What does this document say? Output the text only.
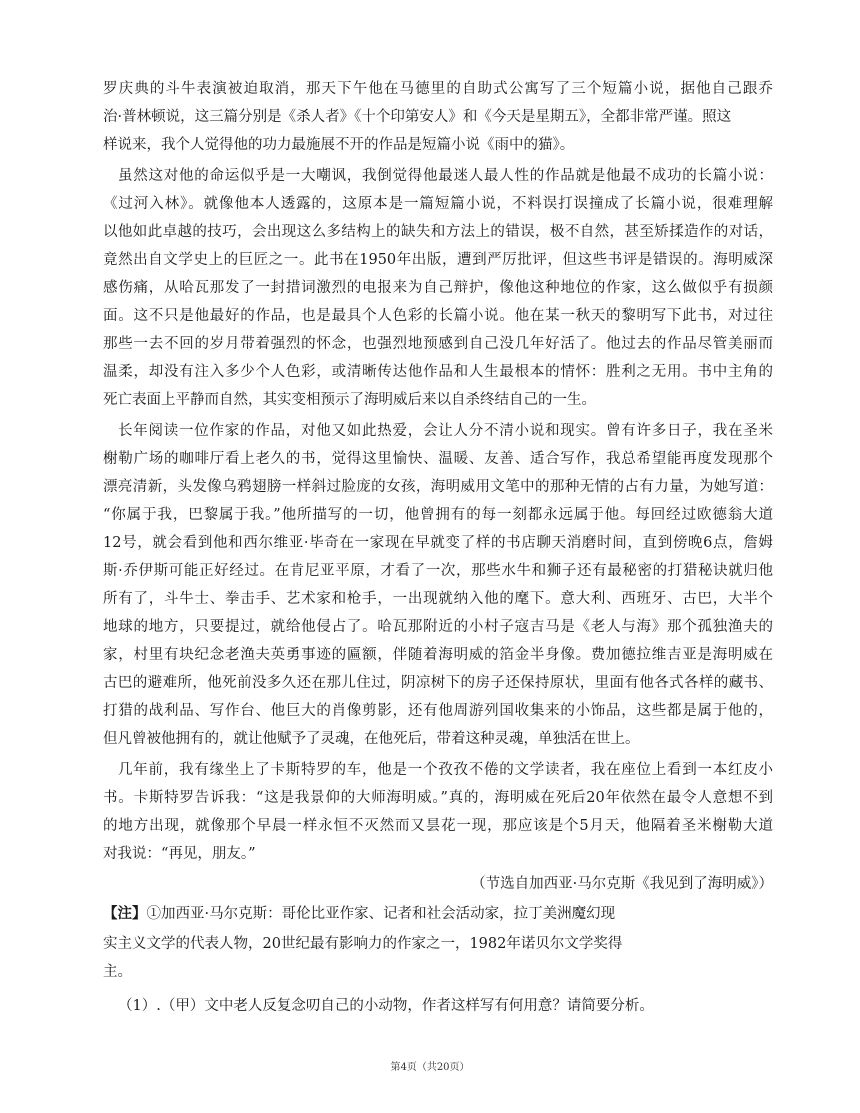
罗庆典的斗牛表演被迫取消，那天下午他在马德里的自助式公寓写了三个短篇小说，据他自己跟乔
治·普林顿说，这三篇分别是《杀人者》《十个印第安人》和《今天是星期五》，全都非常严谨。照这
样说来，我个人觉得他的功力最施展不开的作品是短篇小说《雨中的猫》。
虽然这对他的命运似乎是一大嘲讽，我倒觉得他最迷人最人性的作品就是他最不成功的长篇小说：
《过河入林》。就像他本人透露的，这原本是一篇短篇小说，不料误打误撞成了长篇小说，很难理解
以他如此卓越的技巧，会出现这么多结构上的缺失和方法上的错误，极不自然，甚至矫揉造作的对话，
竟然出自文学史上的巨匠之一。此书在1950年出版，遭到严厉批评，但这些书评是错误的。海明威深
感伤痛，从哈瓦那发了一封措词激烈的电报来为自己辩护，像他这种地位的作家，这么做似乎有损颜
面。这不只是他最好的作品，也是最具个人色彩的长篇小说。他在某一秋天的黎明写下此书，对过往
那些一去不回的岁月带着强烈的怀念，也强烈地预感到自己没几年好活了。他过去的作品尽管美丽而
温柔，却没有注入多少个人色彩，或清晰传达他作品和人生最根本的情怀：胜利之无用。书中主角的
死亡表面上平静而自然，其实变相预示了海明威后来以自杀终结自己的一生。
长年阅读一位作家的作品，对他又如此热爱，会让人分不清小说和现实。曾有许多日子，我在圣米
榭勒广场的咖啡厅看上老久的书，觉得这里愉快、温暖、友善、适合写作，我总希望能再度发现那个
漂亮清新，头发像乌鸦翅膀一样斜过脸庞的女孩，海明威用文笔中的那种无情的占有力量，为她写道：
“你属于我，巴黎属于我。”他所描写的一切，他曾拥有的每一刻都永远属于他。每回经过欧德翁大道
12号，就会看到他和西尔维亚·毕奇在一家现在早就变了样的书店聊天消磨时间，直到傍晚6点，詹姆
斯·乔伊斯可能正好经过。在肯尼亚平原，才看了一次，那些水牛和狮子还有最秘密的打猎秘诀就归他
所有了，斗牛士、拳击手、艺术家和枪手，一出现就纳入他的麾下。意大利、西班牙、古巴，大半个
地球的地方，只要提过，就给他侵占了。哈瓦那附近的小村子寇吉马是《老人与海》那个孤独渔夫的
家，村里有块纪念老渔夫英勇事迹的匾额，伴随着海明威的箔金半身像。费加德拉维吉亚是海明威在
古巴的避难所，他死前没多久还在那儿住过，阴凉树下的房子还保持原状，里面有他各式各样的藏书、
打猎的战利品、写作台、他巨大的肖像剪影，还有他周游列国收集来的小饰品，这些都是属于他的，
但凡曾被他拥有的，就让他赋予了灵魂，在他死后，带着这种灵魂，单独活在世上。
几年前，我有缘坐上了卡斯特罗的车，他是一个孜孜不倦的文学读者，我在座位上看到一本红皮小
书。卡斯特罗告诉我：“这是我景仰的大师海明威。”真的，海明威在死后20年依然在最令人意想不到
的地方出现，就像那个早晨一样永恒不灭然而又昙花一现，那应该是个5月天，他隔着圣米榭勒大道
对我说：“再见，朋友。”
（节选自加西亚·马尔克斯《我见到了海明威》）
【注】①加西亚·马尔克斯：哥伦比亚作家、记者和社会活动家，拉丁美洲魔幻现
实主义文学的代表人物，20世纪最有影响力的作家之一，1982年诺贝尔文学奖得
主。
（1）.（甲）文中老人反复念叨自己的小动物，作者这样写有何用意？请简要分析。
第4页（共20页）
